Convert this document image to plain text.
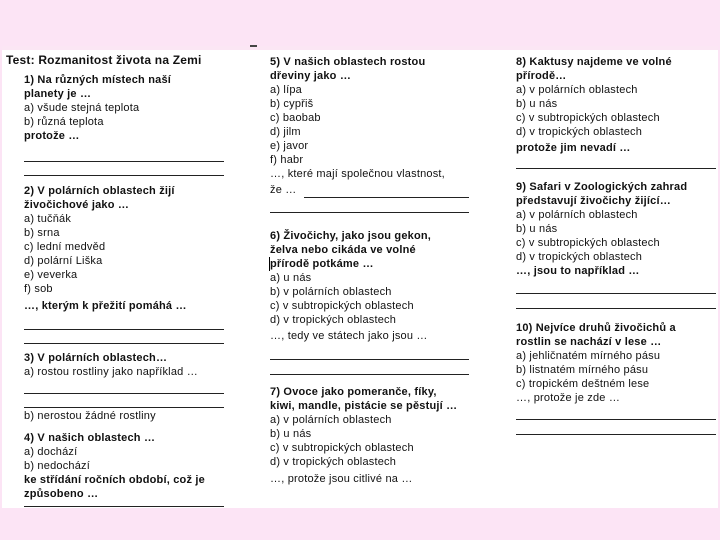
Test: Rozmanitost života na Zemi
1) Na různých místech naší
planety je …
a) všude stejná teplota
b) různá teplota
protože …
2) V polárních oblastech žijí
živočichové jako …
a) tučňák
b) srna
c) lední medvěd
d) polární Liška
e) veverka
f) sob
…, kterým k přežití pomáhá …
3) V polárních oblastech…
a) rostou rostliny jako například …
b) nerostou žádné rostliny
4) V našich oblastech …
a) dochází
b) nedochází
ke střídání ročních období, což je
způsobeno …
5) V našich oblastech rostou
dřeviny jako …
a) lípa
b) cypřiš
c) baobab
d) jilm
e) javor
f) habr
…, které mají společnou vlastnost,
že …
6) Živočichy, jako jsou gekon,
želva nebo cikáda ve volné
přírodě potkáme …
a) u nás
b) v polárních oblastech
c) v subtropických oblastech
d) v tropických oblastech
…, tedy ve státech jako jsou …
7) Ovoce jako pomeranče, fíky,
kiwi, mandle, pistácie se pěstují …
a) v polárních oblastech
b) u nás
c) v subtropických oblastech
d) v tropických oblastech
…, protože jsou citlivé na …
8) Kaktusy najdeme ve volné
přírodě…
a) v polárních oblastech
b) u nás
c) v subtropických oblastech
d) v tropických oblastech
protože jim nevadí …
9) Safari v Zoologických zahrad
představují živočichy žijící…
a) v polárních oblastech
b) u nás
c) v subtropických oblastech
d) v tropických oblastech
…, jsou to například …
10) Nejvíce druhů živočichů a
rostlin se nachází v lese …
a) jehličnatém mírného pásu
b) listnatém mírného pásu
c) tropickém deštném lese
…, protože je zde …
